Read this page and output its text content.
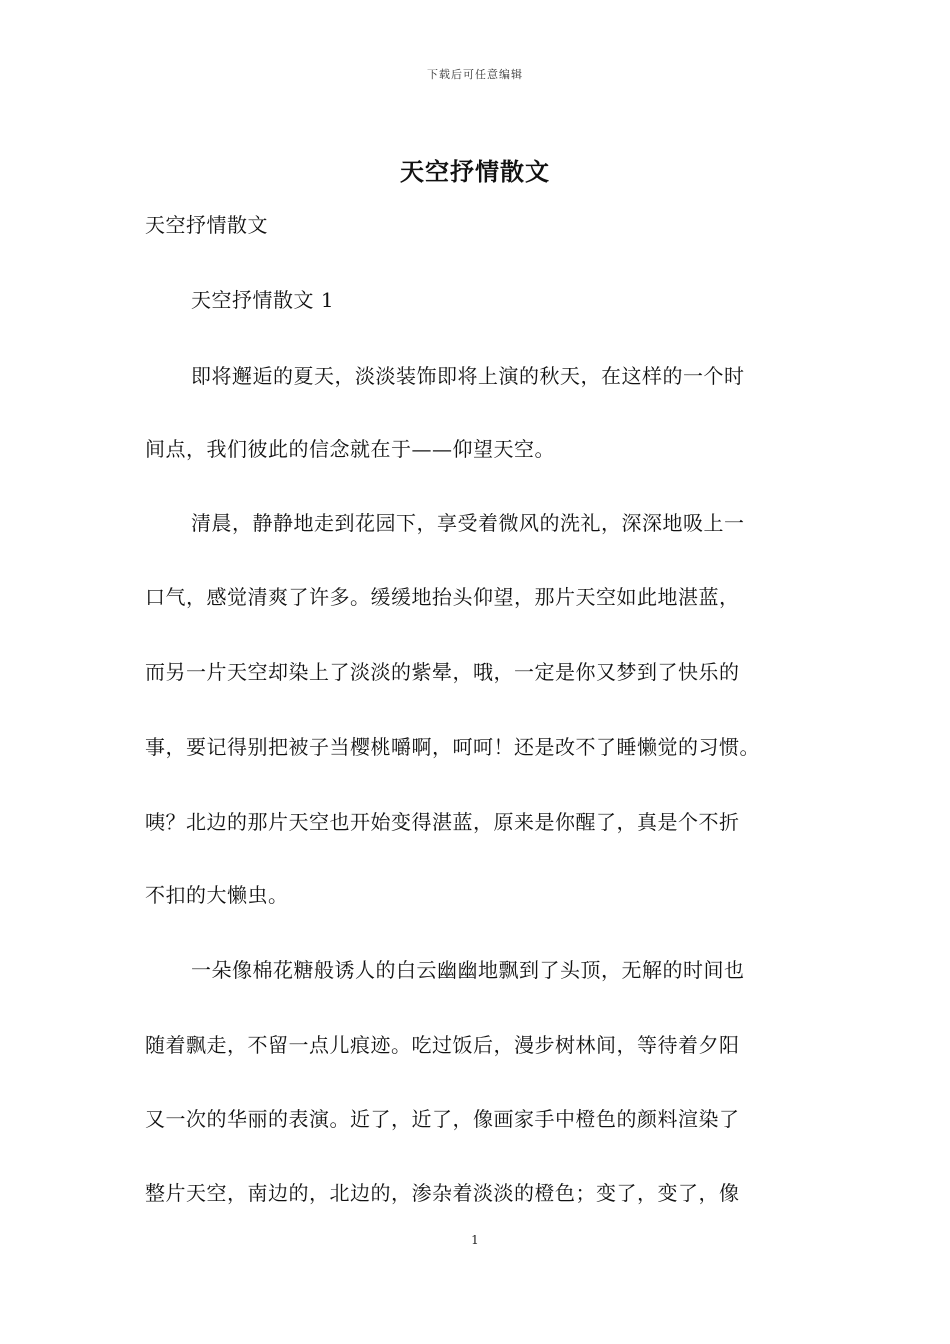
下载后可任意编辑
天空抒情散文
天空抒情散文
天空抒情散文 1
即将邂逅的夏天，淡淡装饰即将上演的秋天，在这样的一个时
间点，我们彼此的信念就在于——仰望天空。
清晨，静静地走到花园下，享受着微风的洗礼，深深地吸上一
口气，感觉清爽了许多。缓缓地抬头仰望，那片天空如此地湛蓝，
而另一片天空却染上了淡淡的紫晕，哦，一定是你又梦到了快乐的
事，要记得别把被子当樱桃嚼啊，呵呵！还是改不了睡懒觉的习惯。
咦？北边的那片天空也开始变得湛蓝，原来是你醒了，真是个不折
不扣的大懒虫。
一朵像棉花糖般诱人的白云幽幽地飘到了头顶，无解的时间也
随着飘走，不留一点儿痕迹。吃过饭后，漫步树林间，等待着夕阳
又一次的华丽的表演。近了，近了，像画家手中橙色的颜料渲染了
整片天空，南边的，北边的，渗杂着淡淡的橙色；变了，变了，像
1
